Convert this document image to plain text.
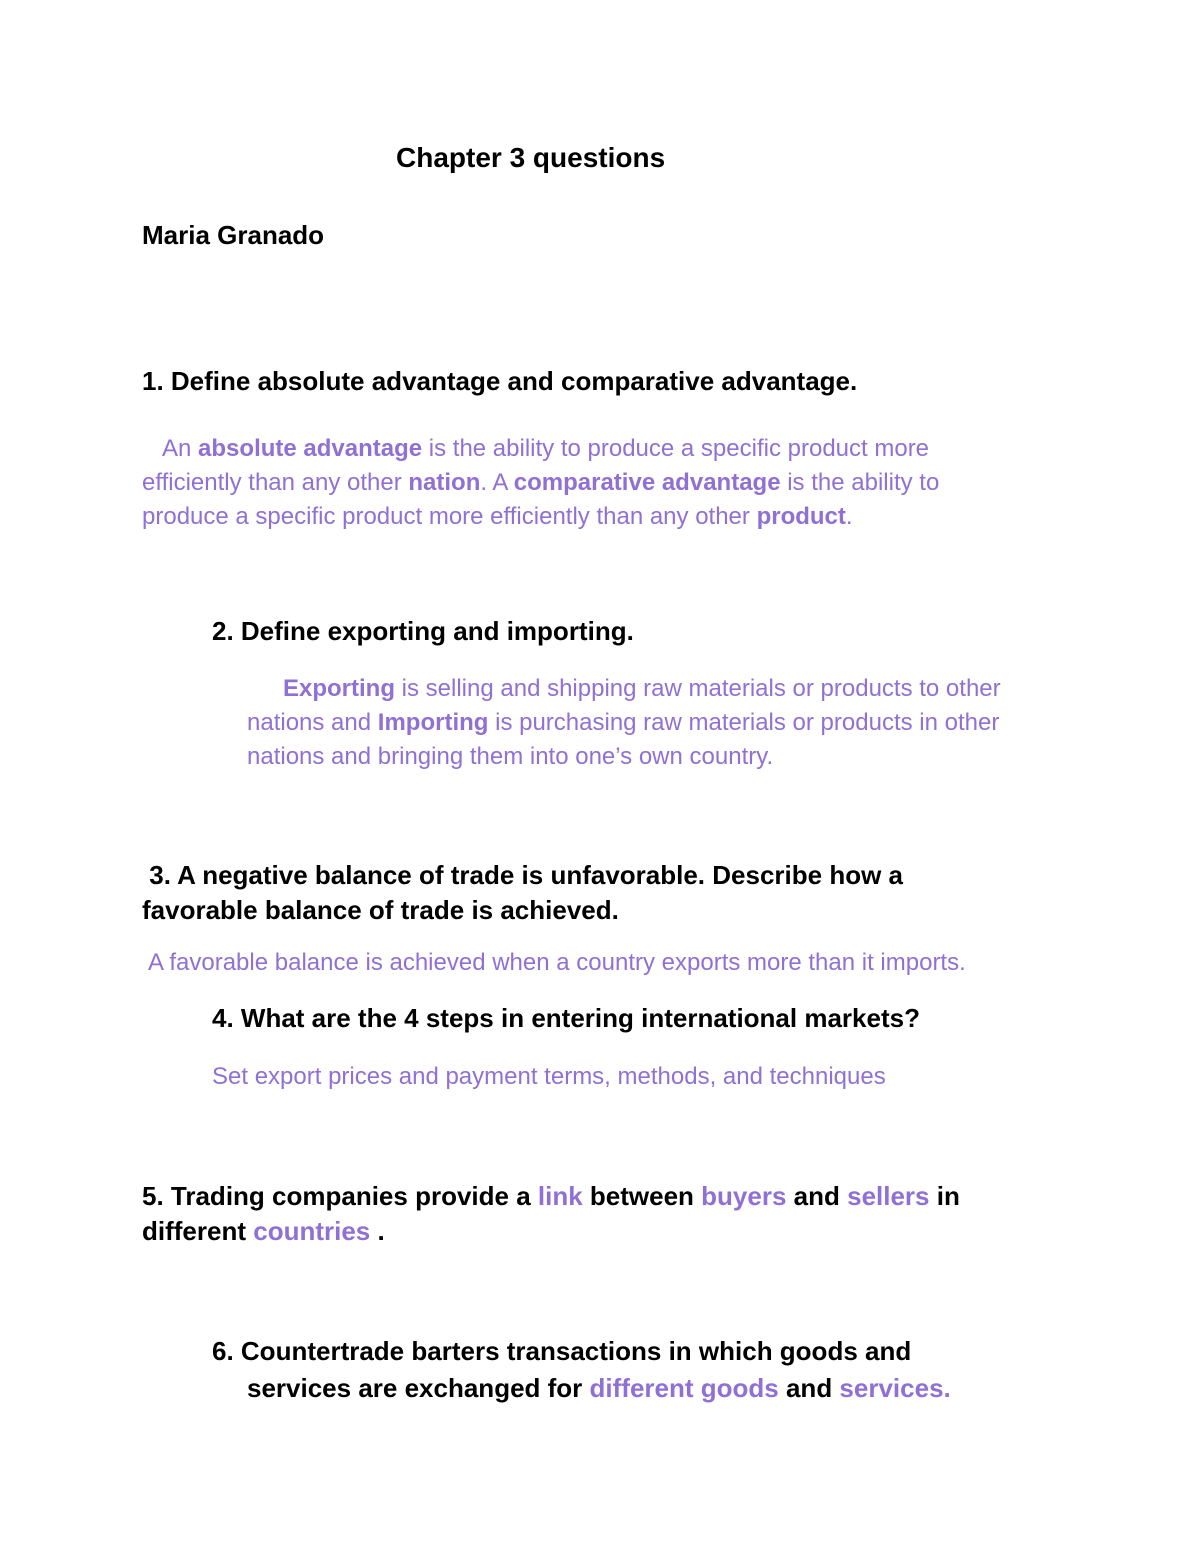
Chapter 3 questions
Maria Granado
1. Define absolute advantage and comparative advantage.
An absolute advantage is the ability to produce a specific product more
efficiently than any other nation. A comparative advantage is the ability to
produce a specific product more efficiently than any other product.
2. Define exporting and importing.
Exporting is selling and shipping raw materials or products to other
nations and Importing is purchasing raw materials or products in other
nations and bringing them into one’s own country.
3. A negative balance of trade is unfavorable. Describe how a
favorable balance of trade is achieved.
A favorable balance is achieved when a country exports more than it imports.
4. What are the 4 steps in entering international markets?
Set export prices and payment terms, methods, and techniques
5. Trading companies provide a link between buyers and sellers in
different countries .
6. Countertrade barters transactions in which goods and
services are exchanged for different goods and services.
